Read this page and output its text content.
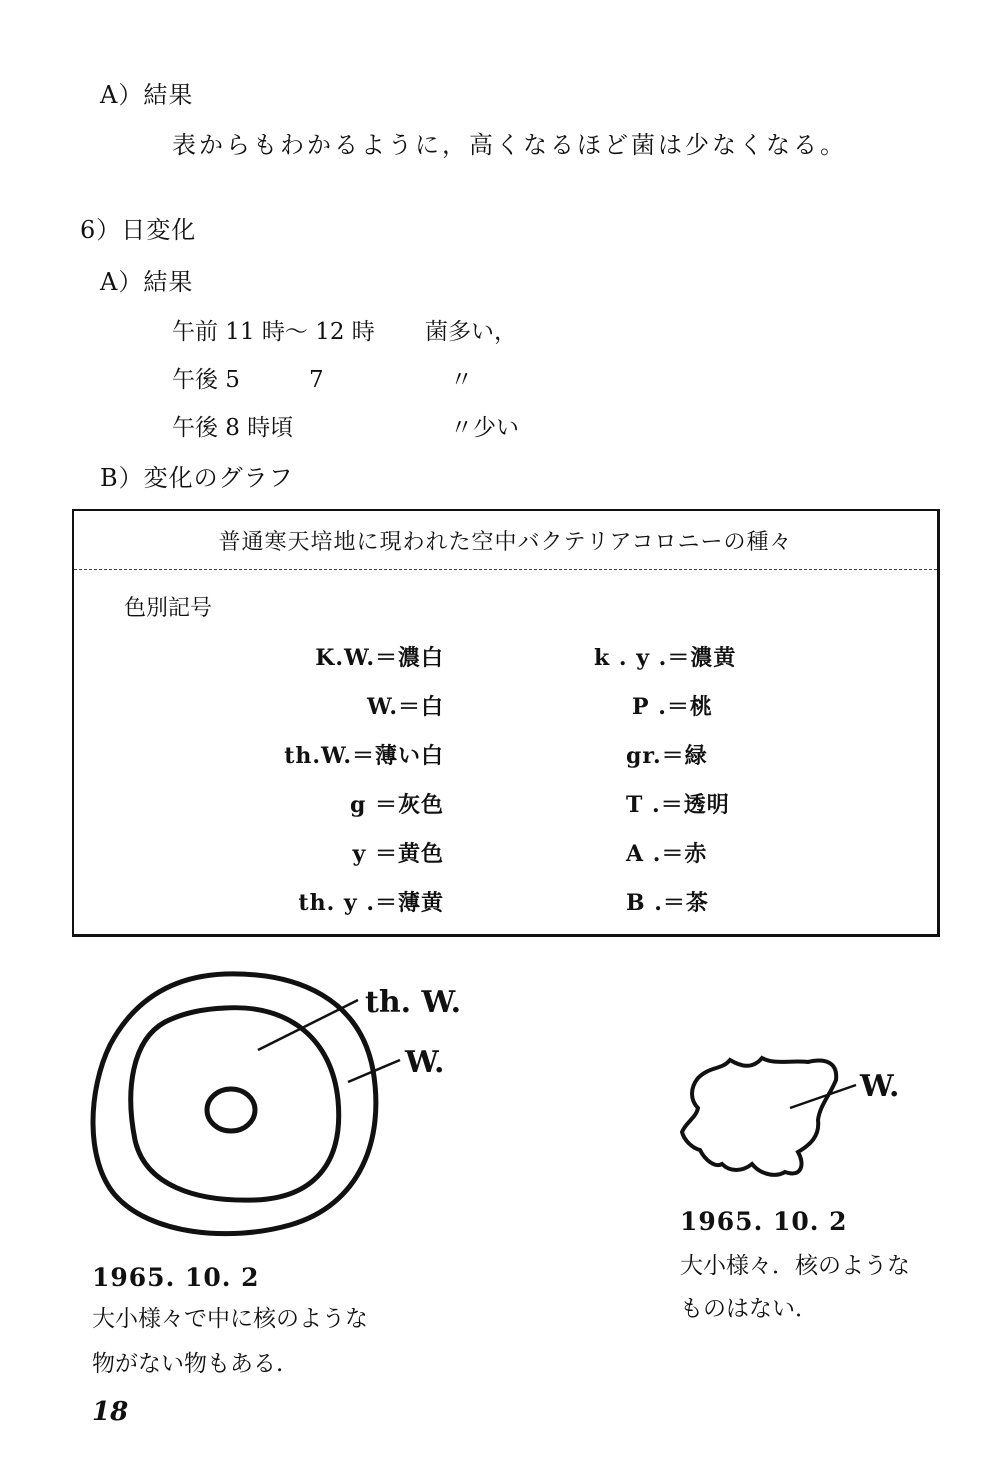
A）結果
表からもわかるように，高くなるほど菌は少なくなる。
6）日変化
A）結果
午前 11 時～ 12 時 菌多い，
午後 5　　　7	〃
午後 8 時頃	〃少い
B）変化のグラフ
普通寒天培地に現われた空中バクテリアコロニーの種々
色別記号
K.W.＝濃白
W.＝白
th.W.＝薄い白
g ＝灰色
y ＝黄色
th. y .＝薄黄
k . y .＝濃黄
P .＝桃
gr.＝緑
T .＝透明
A .＝赤
B .＝茶
th. W.
W.
1965. 10. 2
大小様々で中に核のような
物がない物もある.
W.
1965. 10. 2
大小様々．核のような
ものはない．
18
